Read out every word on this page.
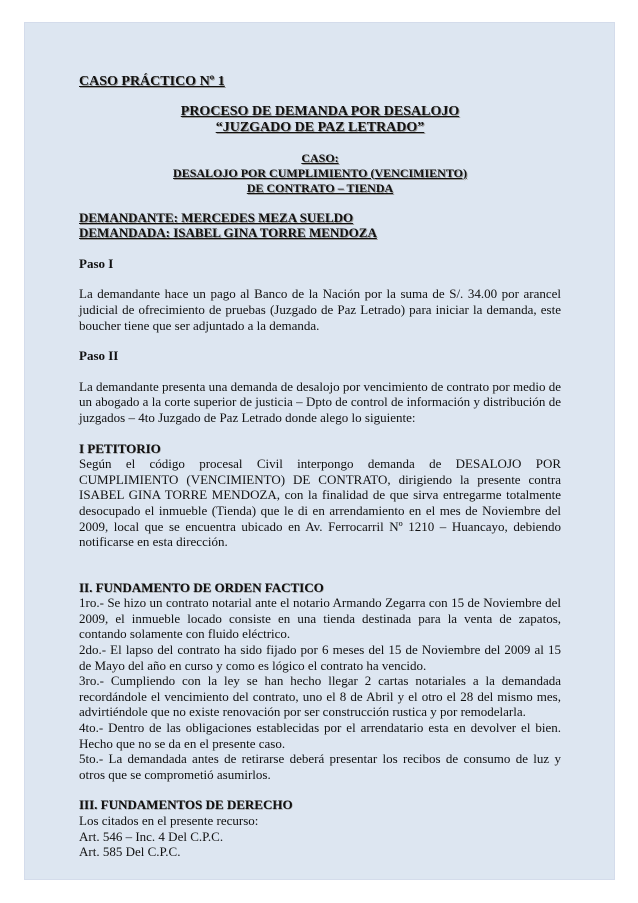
CASO PRÁCTICO Nº 1

PROCESO DE DEMANDA POR DESALOJO
“JUZGADO DE PAZ LETRADO”
CASO:
DESALOJO POR CUMPLIMIENTO (VENCIMIENTO)
DE CONTRATO – TIENDA
DEMANDANTE: MERCEDES MEZA SUELDO
DEMANDADA: ISABEL GINA TORRE MENDOZA

Paso I

La demandante hace un pago al Banco de la Nación por la suma de S/. 34.00 por arancel judicial de ofrecimiento de pruebas (Juzgado de Paz Letrado) para iniciar la demanda, este boucher tiene que ser adjuntado a la demanda.

Paso II

La demandante presenta una demanda de desalojo por vencimiento de contrato por medio de un abogado a la corte superior de justicia – Dpto de control de información y distribución de juzgados – 4to Juzgado de Paz Letrado donde alego lo siguiente:

I PETITORIO

Según el código procesal Civil interpongo demanda de DESALOJO POR CUMPLIMIENTO (VENCIMIENTO) DE CONTRATO, dirigiendo la presente contra ISABEL GINA TORRE MENDOZA, con la finalidad de que sirva entregarme totalmente desocupado el inmueble (Tienda) que le di en arrendamiento en el mes de Noviembre del 2009, local que se encuentra ubicado en Av. Ferrocarril Nº 1210 – Huancayo, debiendo notificarse en esta dirección.

II. FUNDAMENTO DE ORDEN FACTICO

1ro.- Se hizo un contrato notarial ante el notario Armando Zegarra con 15 de Noviembre del 2009, el inmueble locado consiste en una tienda destinada para la venta de zapatos, contando solamente con fluido eléctrico.

2do.- El lapso del contrato ha sido fijado por 6 meses del 15 de Noviembre del 2009 al 15 de Mayo del año en curso y como es lógico el contrato ha vencido.

3ro.- Cumpliendo con la ley se han hecho llegar 2 cartas notariales a la demandada recordándole el vencimiento del contrato, uno el 8 de Abril y el otro el 28 del mismo mes, advirtiéndole que no existe renovación por ser construcción rustica y por remodelarla.

4to.- Dentro de las obligaciones establecidas por el arrendatario esta en devolver el bien. Hecho que no se da en el presente caso.

5to.- La demandada antes de retirarse deberá presentar los recibos de consumo de luz y otros que se comprometió asumirlos.

III. FUNDAMENTOS DE DERECHO

Los citados en el presente recurso:

Art. 546 – Inc. 4 Del C.P.C.

Art. 585 Del C.P.C.
